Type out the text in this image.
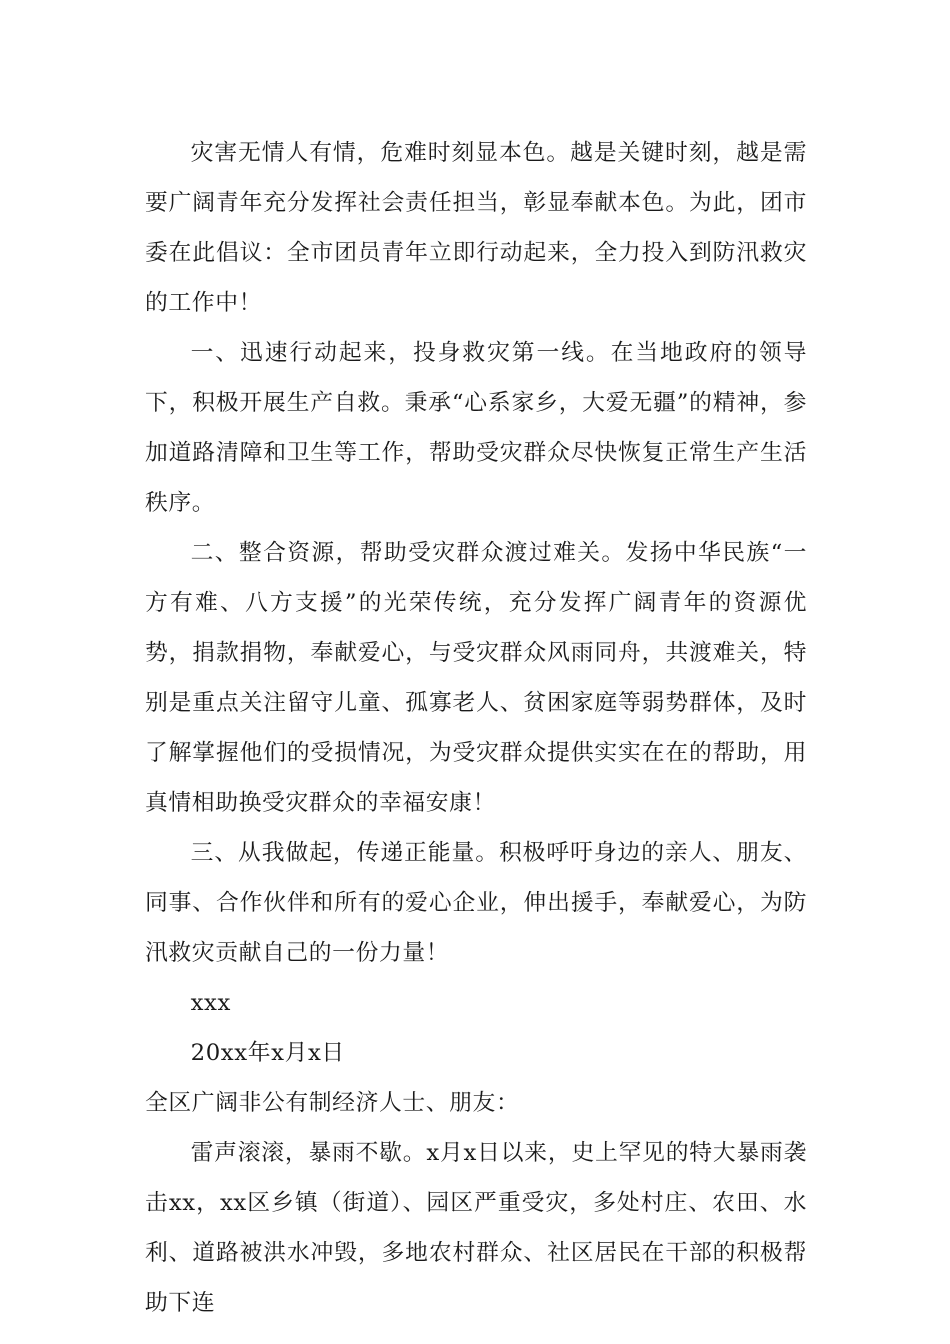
灾害无情人有情，危难时刻显本色。越是关键时刻，越是需要广阔青年充分发挥社会责任担当，彰显奉献本色。为此，团市委在此倡议：全市团员青年立即行动起来，全力投入到防汛救灾的工作中！

一、迅速行动起来，投身救灾第一线。在当地政府的领导下，积极开展生产自救。秉承“心系家乡，大爱无疆”的精神，参加道路清障和卫生等工作，帮助受灾群众尽快恢复正常生产生活秩序。

二、整合资源，帮助受灾群众渡过难关。发扬中华民族“一方有难、八方支援”的光荣传统，充分发挥广阔青年的资源优势，捐款捐物，奉献爱心，与受灾群众风雨同舟，共渡难关，特别是重点关注留守儿童、孤寡老人、贫困家庭等弱势群体，及时了解掌握他们的受损情况，为受灾群众提供实实在在的帮助，用真情相助换受灾群众的幸福安康！

三、从我做起，传递正能量。积极呼吁身边的亲人、朋友、同事、合作伙伴和所有的爱心企业，伸出援手，奉献爱心，为防汛救灾贡献自己的一份力量！

xxx

20xx年x月x日

全区广阔非公有制经济人士、朋友：

雷声滚滚，暴雨不歇。x月x日以来，史上罕见的特大暴雨袭击xx，xx区乡镇（街道）、园区严重受灾，多处村庄、农田、水利、道路被洪水冲毁，多地农村群众、社区居民在干部的积极帮助下连
